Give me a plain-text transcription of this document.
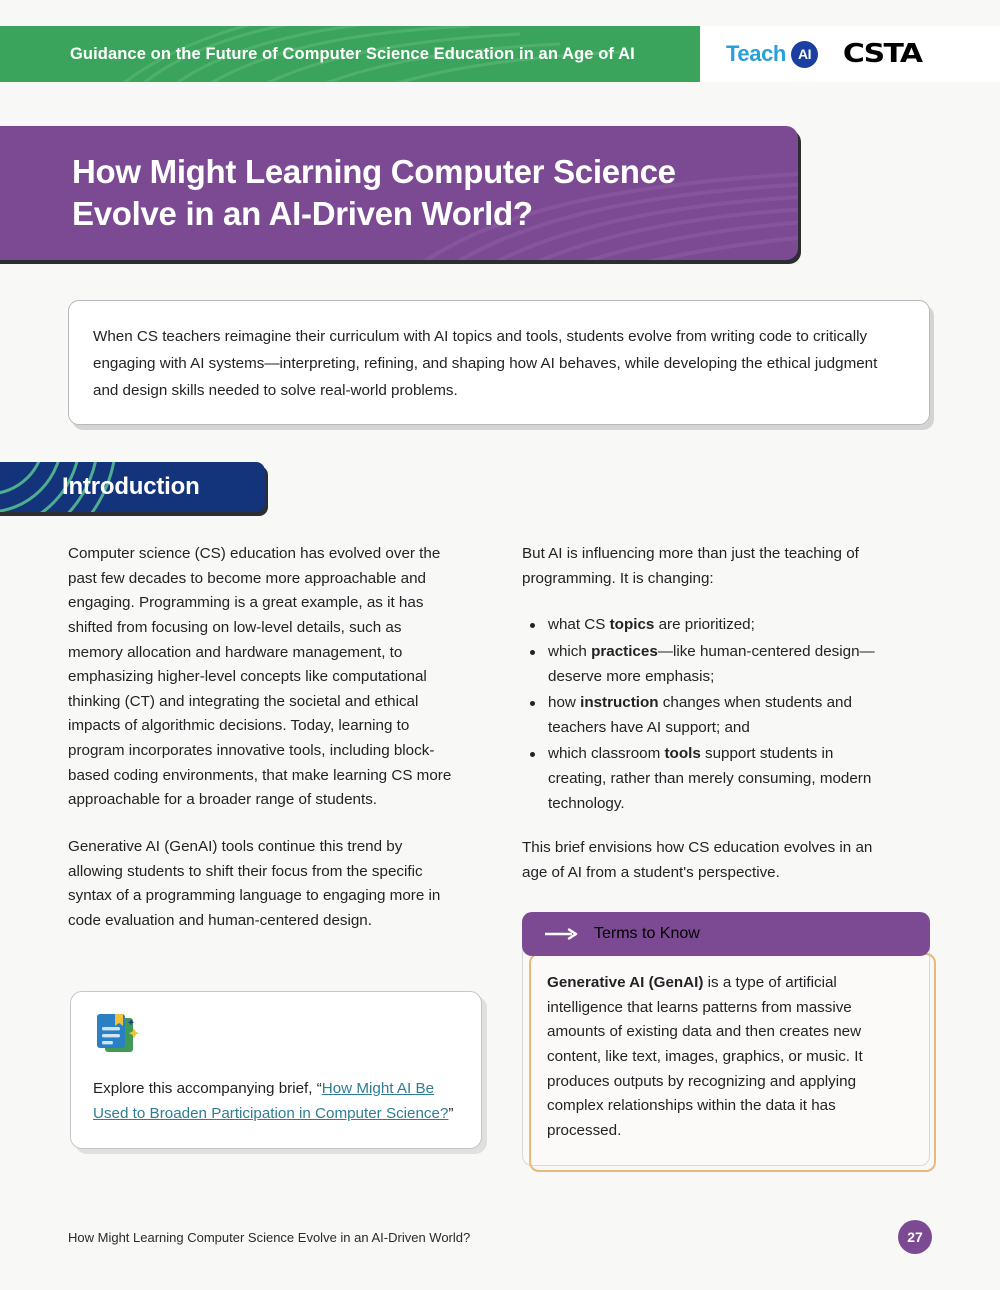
Guidance on the Future of Computer Science Education in an Age of AI	Teach AI CSTA
How Might Learning Computer Science Evolve in an AI-Driven World?
When CS teachers reimagine their curriculum with AI topics and tools, students evolve from writing code to critically engaging with AI systems—interpreting, refining, and shaping how AI behaves, while developing the ethical judgment and design skills needed to solve real-world problems.
Introduction

Computer science (CS) education has evolved over the past few decades to become more approachable and engaging. Programming is a great example, as it has shifted from focusing on low-level details, such as memory allocation and hardware management, to emphasizing higher-level concepts like computational thinking (CT) and integrating the societal and ethical impacts of algorithmic decisions. Today, learning to program incorporates innovative tools, including block-based coding environments, that make learning CS more approachable for a broader range of students.

Generative AI (GenAI) tools continue this trend by allowing students to shift their focus from the specific syntax of a programming language to engaging more in code evaluation and human-centered design.

But AI is influencing more than just the teaching of programming. It is changing:

what CS topics are prioritized;
which practices—like human-centered design—deserve more emphasis;
how instruction changes when students and teachers have AI support; and
which classroom tools support students in creating, rather than merely consuming, modern technology.

This brief envisions how CS education evolves in an age of AI from a student's perspective.

Explore this accompanying brief, “How Might AI Be Used to Broaden Participation in Computer Science?”
Terms to Know
Generative AI (GenAI) is a type of artificial intelligence that learns patterns from massive amounts of existing data and then creates new content, like text, images, graphics, or music. It produces outputs by recognizing and applying complex relationships within the data it has processed.
How Might Learning Computer Science Evolve in an AI-Driven World?	27
